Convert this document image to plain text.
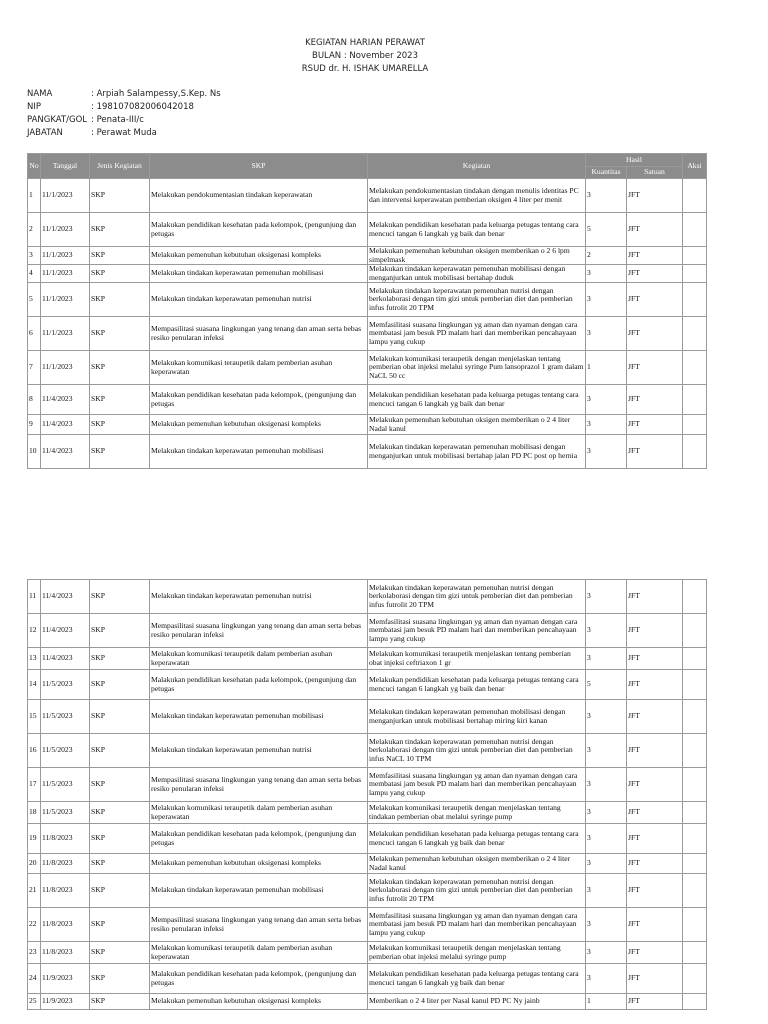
KEGIATAN HARIAN PERAWAT
BULAN : November 2023
RSUD dr. H. ISHAK UMARELLA
NAMA	: Arpiah Salampessy,S.Kep. Ns
NIP	: 198107082006042018
PANGKAT/GOL : Penata-III/c
JABATAN	: Perawat Muda
No	Tanggal	Jenis Kegiatan	SKP	Kegiatan	Hasil		Aksi
					Kuantitas	Satuan	
1	11/1/2023	SKP	Melakukan pendokumentasian tindakan keperawatan	Melakukan pendokumentasian tindakan dengan menulis identitas PC dan intervensi keperawatan pemberian oksigen 4 liter per menit	3	JFT	
2	11/1/2023	SKP	Malakukan pendidikan kesehatan pada kelompok, (pengunjung dan petugas	Melakukan pendidikan kesehatan pada keluarga petugas tentang cara mencuci tangan 6 langkah yg baik dan benar	5	JFT	
3	11/1/2023	SKP	Melakukan pemenuhan kebutuhan oksigenasi kompleks	Melakukan pemenuhan kebutuhan oksigen memberikan o 2 6 lpm simpelmask	2	JFT	
4	11/1/2023	SKP	Melakukan tindakan keperawatan pemenuhan mobilisasi	Melakukan tindakan keperawatan pemenuhan mobilisasi dengan menganjurkan untuk mobilisasi bertahap duduk	3	JFT	
5	11/1/2023	SKP	Melakukan tindakan keperawatan pemenuhan nutrisi	Melakukan tindakan keperawatan pemenuhan nutrisi dengan berkolaborasi dengan tim gizi untuk pemberian diet dan pemberian infus futrolit 20 TPM	3	JFT	
6	11/1/2023	SKP	Mempasilitasi suasana lingkungan yang tenang dan aman serta bebas resiko penularan infeksi	Memfasilitasi suasana lingkungan yg aman dan nyaman dengan cara membatasi jam besuk PD malam hari dan memberikan pencahayaan lampu yang cukup	3	JFT	
7	11/1/2023	SKP	Melakukan komunikasi teraupetik dalam pemberian asuhan keperawatan	Melakukan komunikasi teraupetik dengan menjelaskan tentang pemberian obat injeksi melalui syringe Pum lansoprazol 1 gram dalam NaCL 50 cc	1	JFT	
8	11/4/2023	SKP	Malakukan pendidikan kesehatan pada kelompok, (pengunjung dan petugas	Melakukan pendidikan kesehatan pada keluarga petugas tentang cara mencuci tangan 6 langkah yg baik dan benar	3	JFT	
9	11/4/2023	SKP	Melakukan pemenuhan kebutuhan oksigenasi kompleks	Melakukan pemenuhan kebutuhan oksigen memberikan o 2 4 liter Nadal kanul	3	JFT	
10	11/4/2023	SKP	Melakukan tindakan keperawatan pemenuhan mobilisasi	Melakukan tindakan keperawatan pemenuhan mobilisasi dengan menganjurkan untuk mobilisasi bertahap jalan PD PC post op hernia	3	JFT	
11	11/4/2023	SKP	Melakukan tindakan keperawatan pemenuhan nutrisi	Melakukan tindakan keperawatan pemenuhan nutrisi dengan berkolaborasi dengan tim gizi untuk pemberian diet dan pemberian infus futrolit 20 TPM	3	JFT	
12	11/4/2023	SKP	Mempasilitasi suasana lingkungan yang tenang dan aman serta bebas resiko penularan infeksi	Memfasilitasi suasana lingkungan yg aman dan nyaman dengan cara membatasi jam besuk PD malam hari dan memberikan pencahayaan lampu yang cukup	3	JFT	
13	11/4/2023	SKP	Melakukan komunikasi teraupetik dalam pemberian asuhan keperawatan	Melakukan komunikasi teraupetik menjelaskan tentang pemberian obat injeksi ceftriaxon 1 gr	3	JFT	
14	11/5/2023	SKP	Malakukan pendidikan kesehatan pada kelompok, (pengunjung dan petugas	Melakukan pendidikan kesehatan pada keluarga petugas tentang cara mencuci tangan 6 langkah yg baik dan benar	5	JFT	
15	11/5/2023	SKP	Melakukan tindakan keperawatan pemenuhan mobilisasi	Melakukan tindakan keperawatan pemenuhan mobilisasi dengan menganjurkan untuk mobilisasi bertahap miring kiri kanan	3	JFT	
16	11/5/2023	SKP	Melakukan tindakan keperawatan pemenuhan nutrisi	Melakukan tindakan keperawatan pemenuhan nutrisi dengan berkolaborasi dengan tim gizi untuk pemberian diet dan pemberian infus NaCL 10 TPM	3	JFT	
17	11/5/2023	SKP	Mempasilitasi suasana lingkungan yang tenang dan aman serta bebas resiko penularan infeksi	Memfasilitasi suasana lingkungan yg aman dan nyaman dengan cara membatasi jam besuk PD malam hari dan memberikan pencahayaan lampu yang cukup	3	JFT	
18	11/5/2023	SKP	Melakukan komunikasi teraupetik dalam pemberian asuhan keperawatan	Melakukan komunikasi teraupetik dengan menjelaskan tentang tindakan pemberian obat melalui syringe pump	3	JFT	
19	11/8/2023	SKP	Malakukan pendidikan kesehatan pada kelompok, (pengunjung dan petugas	Melakukan pendidikan kesehatan pada keluarga petugas tentang cara mencuci tangan 6 langkah yg baik dan benar	3	JFT	
20	11/8/2023	SKP	Melakukan pemenuhan kebutuhan oksigenasi kompleks	Melakukan pemenuhan kebutuhan oksigen memberikan o 2 4 liter Nadal kanul	3	JFT	
21	11/8/2023	SKP	Melakukan tindakan keperawatan pemenuhan mobilisasi	Melakukan tindakan keperawatan pemenuhan nutrisi dengan berkolaborasi dengan tim gizi untuk pemberian diet dan pemberian infus futrolit 20 TPM	3	JFT	
22	11/8/2023	SKP	Mempasilitasi suasana lingkungan yang tenang dan aman serta bebas resiko penularan infeksi	Memfasilitasi suasana lingkungan yg aman dan nyaman dengan cara membatasi jam besuk PD malam hari dan memberikan pencahayaan lampu yang cukup	3	JFT	
23	11/8/2023	SKP	Melakukan komunikasi teraupetik dalam pemberian asuhan keperawatan	Melakukan komunikasi teraupetik dengan menjelaskan tentang pemberian obat injeksi melalui syringe pump	3	JFT	
24	11/9/2023	SKP	Malakukan pendidikan kesehatan pada kelompok, (pengunjung dan petugas	Melakukan pendidikan kesehatan pada keluarga petugas tentang cara mencuci tangan 6 langkah yg baik dan benar	3	JFT	
25	11/9/2023	SKP	Melakukan pemenuhan kebutuhan oksigenasi kompleks	Memberikan o 2 4 liter per Nasal kanul PD PC Ny jainb	1	JFT	
